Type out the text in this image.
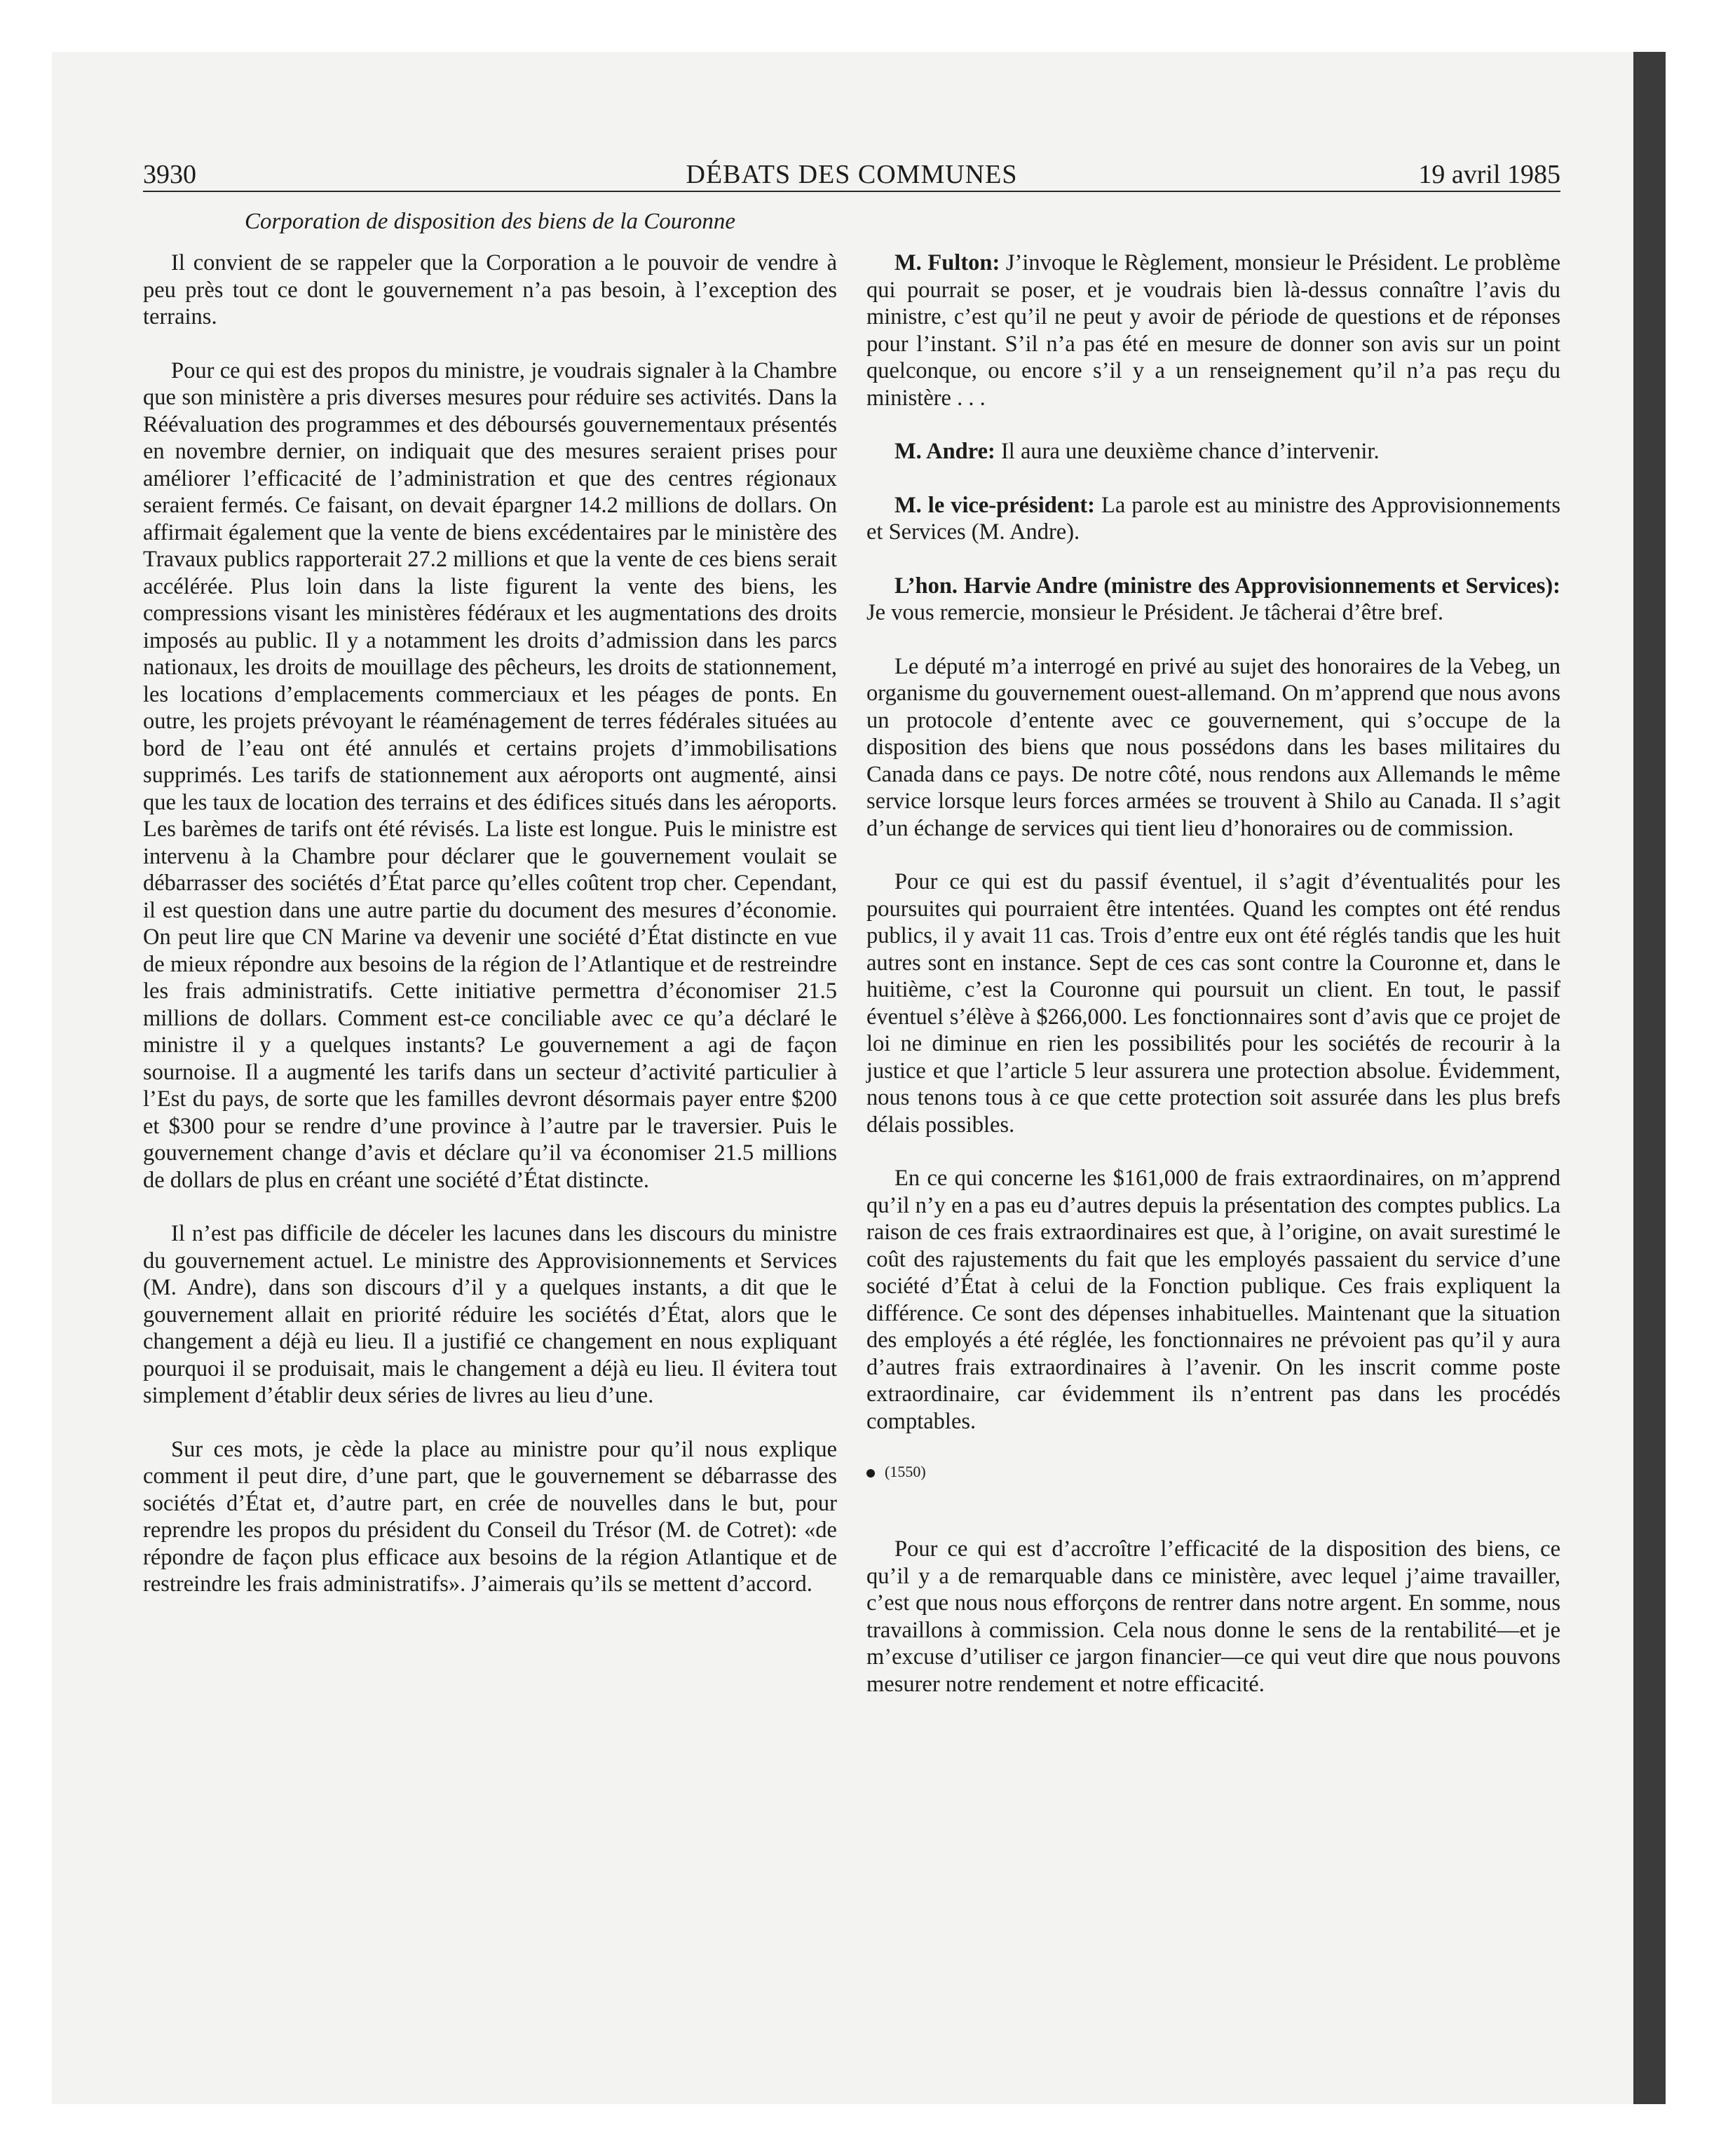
3930	DÉBATS DES COMMUNES	19 avril 1985
Corporation de disposition des biens de la Couronne

Il convient de se rappeler que la Corporation a le pouvoir de vendre à peu près tout ce dont le gouvernement n’a pas besoin, à l’exception des terrains.

Pour ce qui est des propos du ministre, je voudrais signaler à la Chambre que son ministère a pris diverses mesures pour réduire ses activités. Dans la Réévaluation des programmes et des déboursés gouvernementaux présentés en novembre dernier, on indiquait que des mesures seraient prises pour améliorer l’efficacité de l’administration et que des centres régionaux seraient fermés. Ce faisant, on devait épargner 14.2 millions de dollars. On affirmait également que la vente de biens excédentaires par le ministère des Travaux publics rapporterait 27.2 millions et que la vente de ces biens serait accélérée. Plus loin dans la liste figurent la vente des biens, les compressions visant les ministères fédéraux et les augmentations des droits imposés au public. Il y a notamment les droits d’admission dans les parcs nationaux, les droits de mouillage des pêcheurs, les droits de stationnement, les locations d’emplacements commerciaux et les péages de ponts. En outre, les projets prévoyant le réaménagement de terres fédérales situées au bord de l’eau ont été annulés et certains projets d’immobilisations supprimés. Les tarifs de stationnement aux aéroports ont augmenté, ainsi que les taux de location des terrains et des édifices situés dans les aéroports. Les barèmes de tarifs ont été révisés. La liste est longue. Puis le ministre est intervenu à la Chambre pour déclarer que le gouvernement voulait se débarrasser des sociétés d’État parce qu’elles coûtent trop cher. Cependant, il est question dans une autre partie du document des mesures d’économie. On peut lire que CN Marine va devenir une société d’État distincte en vue de mieux répondre aux besoins de la région de l’Atlantique et de restreindre les frais administratifs. Cette initiative permettra d’économiser 21.5 millions de dollars. Comment est-ce conciliable avec ce qu’a déclaré le ministre il y a quelques instants? Le gouvernement a agi de façon sournoise. Il a augmenté les tarifs dans un secteur d’activité particulier à l’Est du pays, de sorte que les familles devront désormais payer entre $200 et $300 pour se rendre d’une province à l’autre par le traversier. Puis le gouvernement change d’avis et déclare qu’il va économiser 21.5 millions de dollars de plus en créant une société d’État distincte.

Il n’est pas difficile de déceler les lacunes dans les discours du ministre du gouvernement actuel. Le ministre des Approvisionnements et Services (M. Andre), dans son discours d’il y a quelques instants, a dit que le gouvernement allait en priorité réduire les sociétés d’État, alors que le changement a déjà eu lieu. Il a justifié ce changement en nous expliquant pourquoi il se produisait, mais le changement a déjà eu lieu. Il évitera tout simplement d’établir deux séries de livres au lieu d’une.

Sur ces mots, je cède la place au ministre pour qu’il nous explique comment il peut dire, d’une part, que le gouvernement se débarrasse des sociétés d’État et, d’autre part, en crée de nouvelles dans le but, pour reprendre les propos du président du Conseil du Trésor (M. de Cotret): «de répondre de façon plus efficace aux besoins de la région Atlantique et de restreindre les frais administratifs». J’aimerais qu’ils se mettent d’accord.

M. Fulton: J’invoque le Règlement, monsieur le Président. Le problème qui pourrait se poser, et je voudrais bien là-dessus connaître l’avis du ministre, c’est qu’il ne peut y avoir de période de questions et de réponses pour l’instant. S’il n’a pas été en mesure de donner son avis sur un point quelconque, ou encore s’il y a un renseignement qu’il n’a pas reçu du ministère . . .

M. Andre: Il aura une deuxième chance d’intervenir.

M. le vice-président: La parole est au ministre des Approvisionnements et Services (M. Andre).

L’hon. Harvie Andre (ministre des Approvisionnements et Services): Je vous remercie, monsieur le Président. Je tâcherai d’être bref.

Le député m’a interrogé en privé au sujet des honoraires de la Vebeg, un organisme du gouvernement ouest-allemand. On m’apprend que nous avons un protocole d’entente avec ce gouvernement, qui s’occupe de la disposition des biens que nous possédons dans les bases militaires du Canada dans ce pays. De notre côté, nous rendons aux Allemands le même service lorsque leurs forces armées se trouvent à Shilo au Canada. Il s’agit d’un échange de services qui tient lieu d’honoraires ou de commission.

Pour ce qui est du passif éventuel, il s’agit d’éventualités pour les poursuites qui pourraient être intentées. Quand les comptes ont été rendus publics, il y avait 11 cas. Trois d’entre eux ont été réglés tandis que les huit autres sont en instance. Sept de ces cas sont contre la Couronne et, dans le huitième, c’est la Couronne qui poursuit un client. En tout, le passif éventuel s’élève à $266,000. Les fonctionnaires sont d’avis que ce projet de loi ne diminue en rien les possibilités pour les sociétés de recourir à la justice et que l’article 5 leur assurera une protection absolue. Évidemment, nous tenons tous à ce que cette protection soit assurée dans les plus brefs délais possibles.

En ce qui concerne les $161,000 de frais extraordinaires, on m’apprend qu’il n’y en a pas eu d’autres depuis la présentation des comptes publics. La raison de ces frais extraordinaires est que, à l’origine, on avait surestimé le coût des rajustements du fait que les employés passaient du service d’une société d’État à celui de la Fonction publique. Ces frais expliquent la différence. Ce sont des dépenses inhabituelles. Maintenant que la situation des employés a été réglée, les fonctionnaires ne prévoient pas qu’il y aura d’autres frais extraordinaires à l’avenir. On les inscrit comme poste extraordinaire, car évidemment ils n’entrent pas dans les procédés comptables.

(1550)

Pour ce qui est d’accroître l’efficacité de la disposition des biens, ce qu’il y a de remarquable dans ce ministère, avec lequel j’aime travailler, c’est que nous nous efforçons de rentrer dans notre argent. En somme, nous travaillons à commission. Cela nous donne le sens de la rentabilité—et je m’excuse d’utiliser ce jargon financier—ce qui veut dire que nous pouvons mesurer notre rendement et notre efficacité.
